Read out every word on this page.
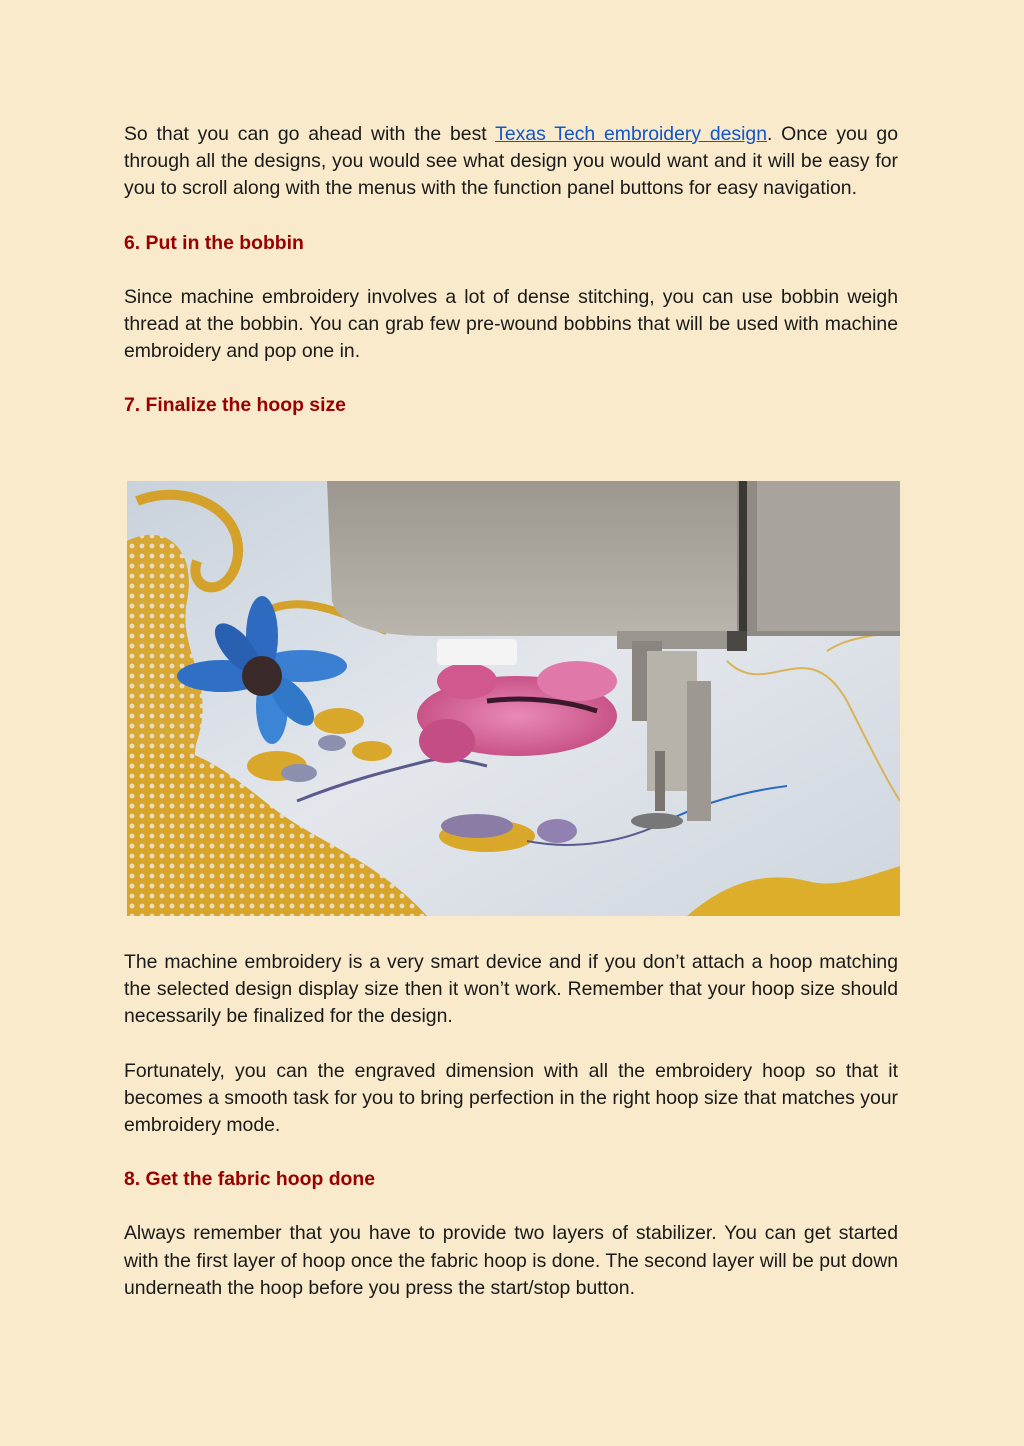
So that you can go ahead with the best Texas Tech embroidery design. Once you go through all the designs, you would see what design you would want and it will be easy for you to scroll along with the menus with the function panel buttons for easy navigation.

6. Put in the bobbin

Since machine embroidery involves a lot of dense stitching, you can use bobbin weigh thread at the bobbin. You can grab few pre-wound bobbins that will be used with machine embroidery and pop one in.

7. Finalize the hoop size

The machine embroidery is a very smart device and if you don’t attach a hoop matching the selected design display size then it won’t work. Remember that your hoop size should necessarily be finalized for the design.

Fortunately, you can the engraved dimension with all the embroidery hoop so that it becomes a smooth task for you to bring perfection in the right hoop size that matches your embroidery mode.

8. Get the fabric hoop done

Always remember that you have to provide two layers of stabilizer. You can get started with the first layer of hoop once the fabric hoop is done. The second layer will be put down underneath the hoop before you press the start/stop button.
